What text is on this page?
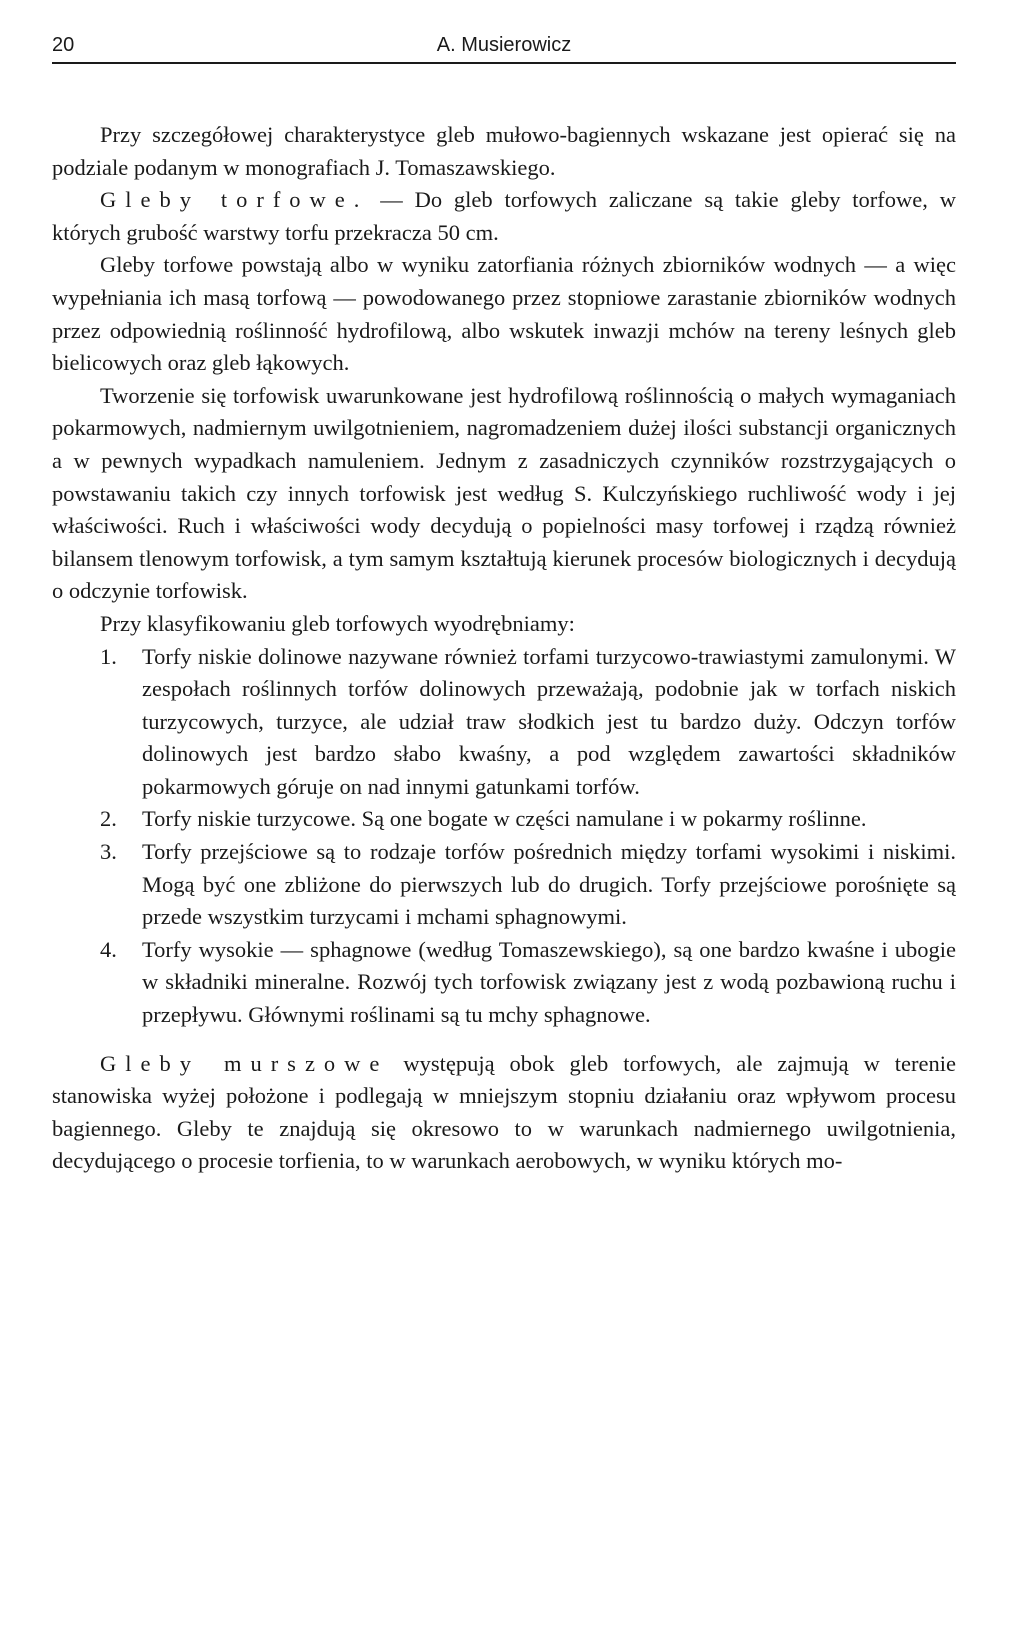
20	A. Musierowicz

Przy szczegółowej charakterystyce gleb mułowo-bagiennych wskazane jest opierać się na podziale podanym w monografiach J. Tomaszawskiego.

Gleby torfowe. — Do gleb torfowych zaliczane są takie gleby torfowe, w których grubość warstwy torfu przekracza 50 cm.

Gleby torfowe powstają albo w wyniku zatorfiania różnych zbiorników wodnych — a więc wypełniania ich masą torfową — powodowanego przez stopniowe zarastanie zbiorników wodnych przez odpowiednią roślinność hydrofilową, albo wskutek inwazji mchów na tereny leśnych gleb bielicowych oraz gleb łąkowych.

Tworzenie się torfowisk uwarunkowane jest hydrofilową roślinnością o małych wymaganiach pokarmowych, nadmiernym uwilgotnieniem, nagromadzeniem dużej ilości substancji organicznych a w pewnych wypadkach namuleniem. Jednym z zasadniczych czynników rozstrzygających o powstawaniu takich czy innych torfowisk jest według S. Kulczyńskiego ruchliwość wody i jej właściwości. Ruch i właściwości wody decydują o popielności masy torfowej i rządzą również bilansem tlenowym torfowisk, a tym samym kształtują kierunek procesów biologicznych i decydują o odczynie torfowisk.

Przy klasyfikowaniu gleb torfowych wyodrębniamy:

1.	Torfy niskie dolinowe nazywane również torfami turzycowo-trawiastymi zamulonymi. W zespołach roślinnych torfów dolinowych przeważają, podobnie jak w torfach niskich turzycowych, turzyce, ale udział traw słodkich jest tu bardzo duży. Odczyn torfów dolinowych jest bardzo słabo kwaśny, a pod względem zawartości składników pokarmowych góruje on nad innymi gatunkami torfów.
2.	Torfy niskie turzycowe. Są one bogate w części namulane i w pokarmy roślinne.
3.	Torfy przejściowe są to rodzaje torfów pośrednich między torfami wysokimi i niskimi. Mogą być one zbliżone do pierwszych lub do drugich. Torfy przejściowe porośnięte są przede wszystkim turzycami i mchami sphagnowymi.
4.	Torfy wysokie — sphagnowe (według Tomaszewskiego), są one bardzo kwaśne i ubogie w składniki mineralne. Rozwój tych torfowisk związany jest z wodą pozbawioną ruchu i przepływu. Głównymi roślinami są tu mchy sphagnowe.

Gleby murszowe występują obok gleb torfowych, ale zajmują w terenie stanowiska wyżej położone i podlegają w mniejszym stopniu działaniu oraz wpływom procesu bagiennego. Gleby te znajdują się okresowo to w warunkach nadmiernego uwilgotnienia, decydującego o procesie torfienia, to w warunkach aerobowych, w wyniku których mo-
